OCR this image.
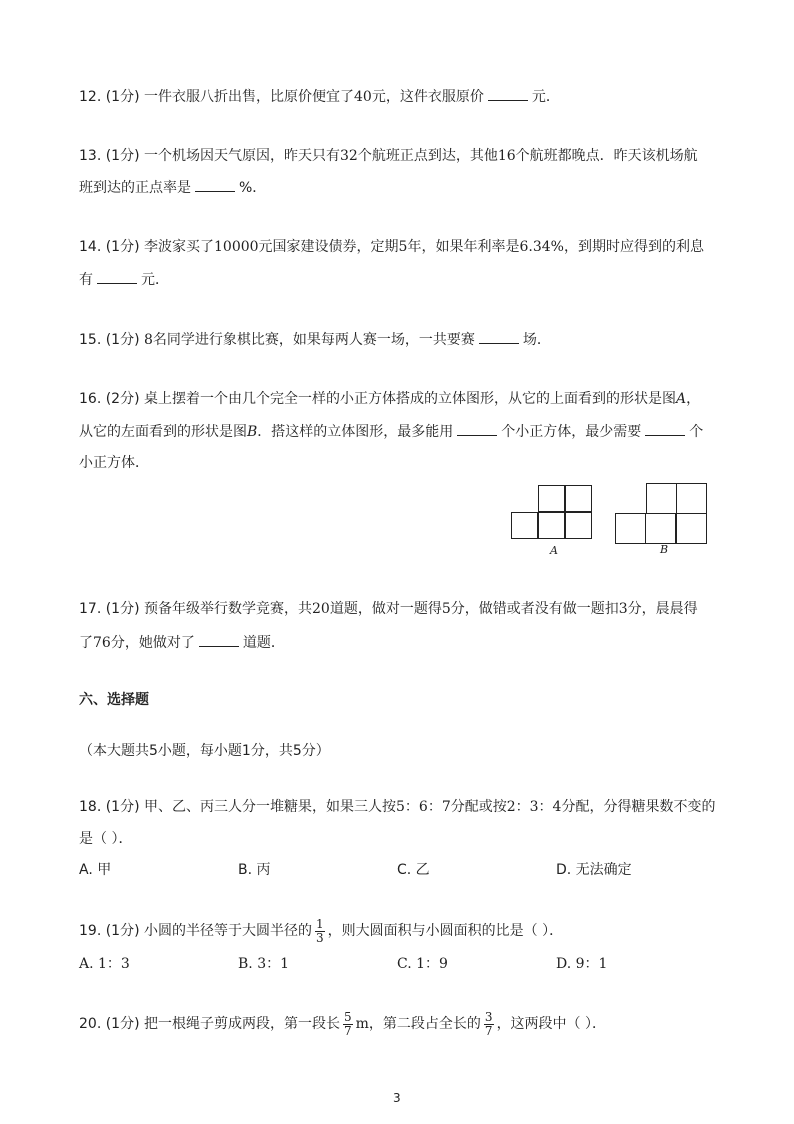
12. (1分) 一件衣服八折出售，比原价便宜了40元，这件衣服原价	元．
13. (1分) 一个机场因天气原因，昨天只有32个航班正点到达，其他16个航班都晚点．昨天该机场航
班到达的正点率是	%．
14. (1分) 李波家买了10000元国家建设债券，定期5年，如果年利率是6.34%，到期时应得到的利息
有	元．
15. (1分) 8名同学进行象棋比赛，如果每两人赛一场，一共要赛	场．
16. (2分) 桌上摆着一个由几个完全一样的小正方体搭成的立体图形，从它的上面看到的形状是图A，
从它的左面看到的形状是图B．搭这样的立体图形，最多能用	个小正方体，最少需要	个
小正方体．
A	B
17. (1分) 预备年级举行数学竞赛，共20道题，做对一题得5分，做错或者没有做一题扣3分，晨晨得
了76分，她做对了	道题．
六、选择题
（本大题共5小题，每小题1分，共5分）
18. (1分) 甲、乙、丙三人分一堆糖果，如果三人按5：6：7分配或按2：3：4分配，分得糖果数不变的
是（ ）．
A. 甲	B. 丙	C. 乙	D. 无法确定
19. (1分) 小圆的半径等于大圆半径的 $\frac{1}{3}$ ，则大圆面积与小圆面积的比是（ ）．
A. 1：3	B. 3：1	C. 1：9	D. 9：1
20. (1分) 把一根绳子剪成两段，第一段长 $\frac{5}{7}$ m，第二段占全长的 $\frac{3}{7}$ ，这两段中（ ）．
3
